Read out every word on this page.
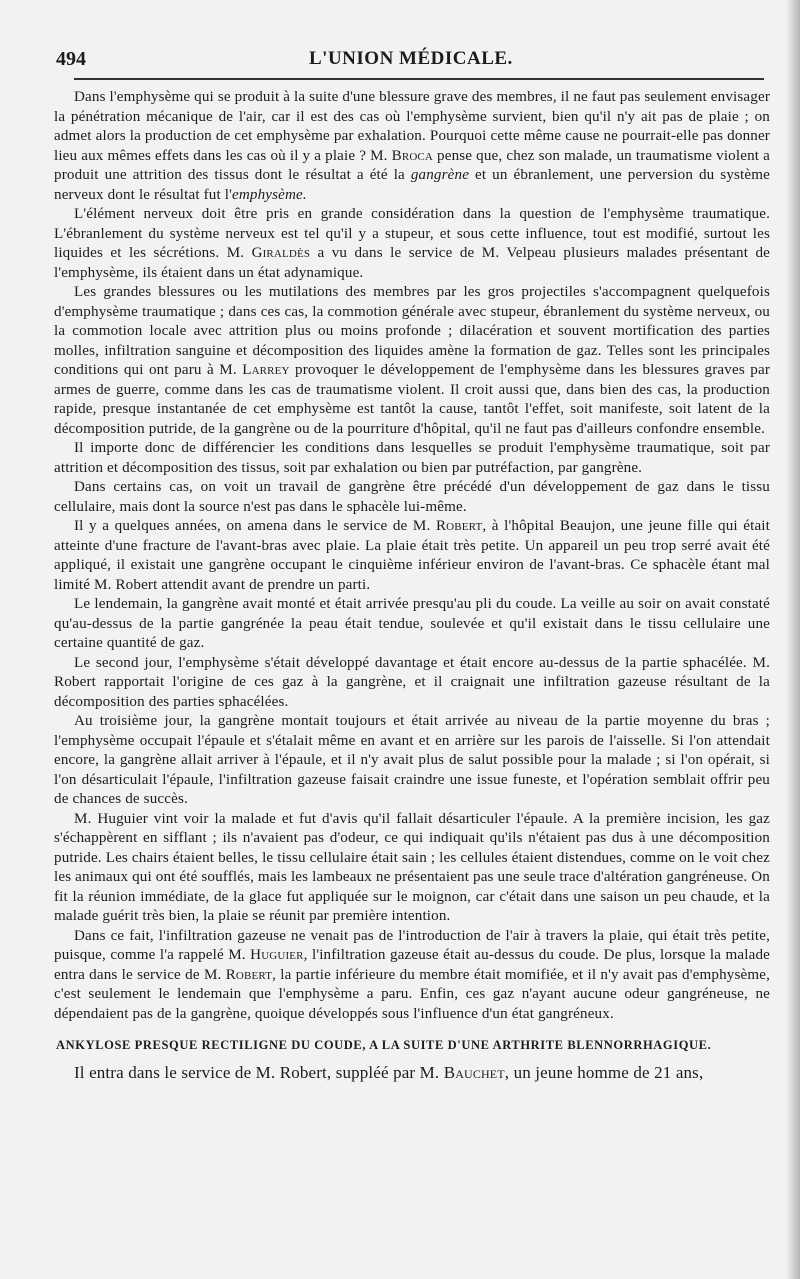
494	L'UNION MÉDICALE.

Dans l'emphysème qui se produit à la suite d'une blessure grave des membres, il ne faut pas seulement envisager la pénétration mécanique de l'air, car il est des cas où l'emphysème survient, bien qu'il n'y ait pas de plaie ; on admet alors la production de cet emphysème par exhalation. Pourquoi cette même cause ne pourrait-elle pas donner lieu aux mêmes effets dans les cas où il y a plaie ? M. Broca pense que, chez son malade, un traumatisme violent a produit une attrition des tissus dont le résultat a été la gangrène et un ébranlement, une perversion du système nerveux dont le résultat fut l'emphysème.

L'élément nerveux doit être pris en grande considération dans la question de l'emphysème traumatique. L'ébranlement du système nerveux est tel qu'il y a stupeur, et sous cette influence, tout est modifié, surtout les liquides et les sécrétions. M. Giraldès a vu dans le service de M. Velpeau plusieurs malades présentant de l'emphysème, ils étaient dans un état adynamique.

Les grandes blessures ou les mutilations des membres par les gros projectiles s'accompagnent quelquefois d'emphysème traumatique ; dans ces cas, la commotion générale avec stupeur, ébranlement du système nerveux, ou la commotion locale avec attrition plus ou moins profonde ; dilacération et souvent mortification des parties molles, infiltration sanguine et décomposition des liquides amène la formation de gaz. Telles sont les principales conditions qui ont paru à M. Larrey provoquer le développement de l'emphysème dans les blessures graves par armes de guerre, comme dans les cas de traumatisme violent. Il croit aussi que, dans bien des cas, la production rapide, presque instantanée de cet emphysème est tantôt la cause, tantôt l'effet, soit manifeste, soit latent de la décomposition putride, de la gangrène ou de la pourriture d'hôpital, qu'il ne faut pas d'ailleurs confondre ensemble.

Il importe donc de différencier les conditions dans lesquelles se produit l'emphysème traumatique, soit par attrition et décomposition des tissus, soit par exhalation ou bien par putréfaction, par gangrène.

Dans certains cas, on voit un travail de gangrène être précédé d'un développement de gaz dans le tissu cellulaire, mais dont la source n'est pas dans le sphacèle lui-même.

Il y a quelques années, on amena dans le service de M. Robert, à l'hôpital Beaujon, une jeune fille qui était atteinte d'une fracture de l'avant-bras avec plaie. La plaie était très petite. Un appareil un peu trop serré avait été appliqué, il existait une gangrène occupant le cinquième inférieur environ de l'avant-bras. Ce sphacèle étant mal limité M. Robert attendit avant de prendre un parti.

Le lendemain, la gangrène avait monté et était arrivée presqu'au pli du coude. La veille au soir on avait constaté qu'au-dessus de la partie gangrénée la peau était tendue, soulevée et qu'il existait dans le tissu cellulaire une certaine quantité de gaz.

Le second jour, l'emphysème s'était développé davantage et était encore au-dessus de la partie sphacélée. M. Robert rapportait l'origine de ces gaz à la gangrène, et il craignait une infiltration gazeuse résultant de la décomposition des parties sphacélées.

Au troisième jour, la gangrène montait toujours et était arrivée au niveau de la partie moyenne du bras ; l'emphysème occupait l'épaule et s'étalait même en avant et en arrière sur les parois de l'aisselle. Si l'on attendait encore, la gangrène allait arriver à l'épaule, et il n'y avait plus de salut possible pour la malade ; si l'on opérait, si l'on désarticulait l'épaule, l'infiltration gazeuse faisait craindre une issue funeste, et l'opération semblait offrir peu de chances de succès.

M. Huguier vint voir la malade et fut d'avis qu'il fallait désarticuler l'épaule. A la première incision, les gaz s'échappèrent en sifflant ; ils n'avaient pas d'odeur, ce qui indiquait qu'ils n'étaient pas dus à une décomposition putride. Les chairs étaient belles, le tissu cellulaire était sain ; les cellules étaient distendues, comme on le voit chez les animaux qui ont été soufflés, mais les lambeaux ne présentaient pas une seule trace d'altération gangréneuse. On fit la réunion immédiate, de la glace fut appliquée sur le moignon, car c'était dans une saison un peu chaude, et la malade guérit très bien, la plaie se réunit par première intention.

Dans ce fait, l'infiltration gazeuse ne venait pas de l'introduction de l'air à travers la plaie, qui était très petite, puisque, comme l'a rappelé M. Huguier, l'infiltration gazeuse était au-dessus du coude. De plus, lorsque la malade entra dans le service de M. Robert, la partie inférieure du membre était momifiée, et il n'y avait pas d'emphysème, c'est seulement le lendemain que l'emphysème a paru. Enfin, ces gaz n'ayant aucune odeur gangréneuse, ne dépendaient pas de la gangrène, quoique développés sous l'influence d'un état gangréneux.

ANKYLOSE PRESQUE RECTILIGNE DU COUDE, A LA SUITE D'UNE ARTHRITE BLENNORRHAGIQUE.
Il entra dans le service de M. Robert, suppléé par M. Bauchet, un jeune homme de 21 ans,
